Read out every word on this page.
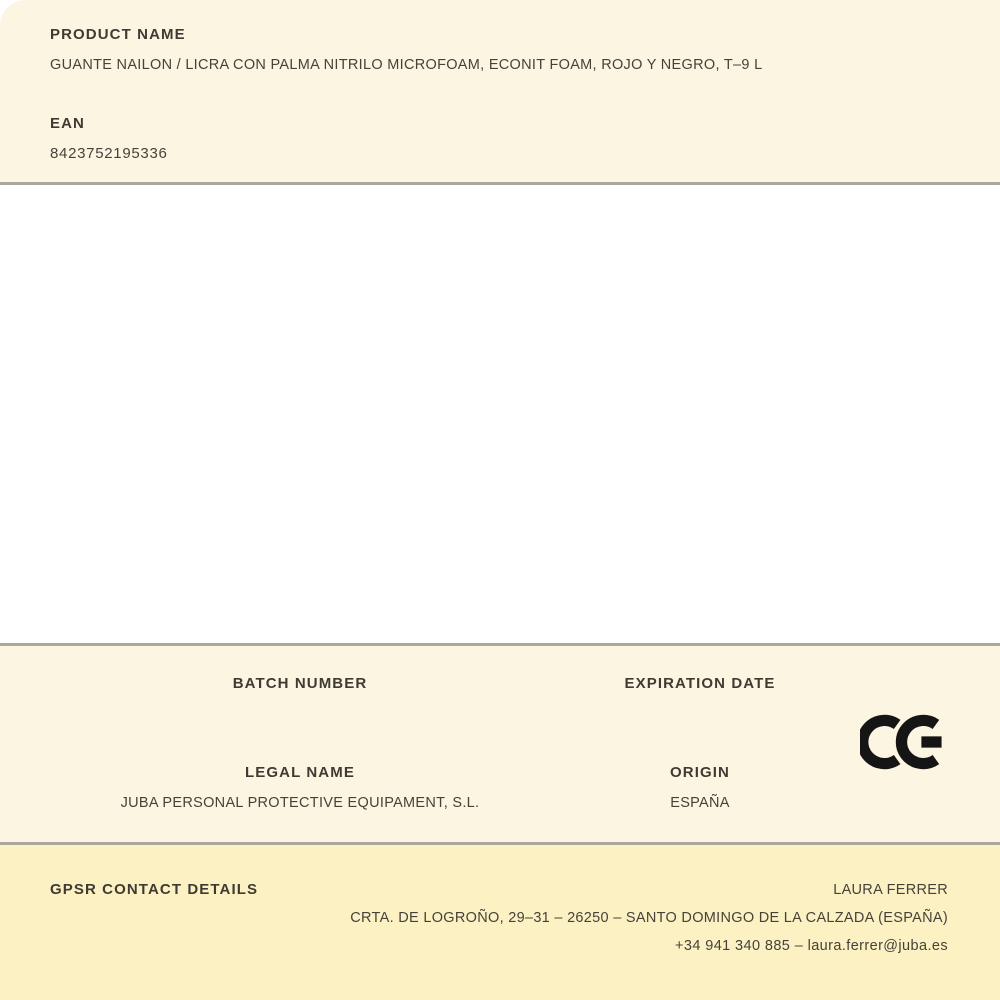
PRODUCT NAME
GUANTE NAILON / LICRA CON PALMA NITRILO MICROFOAM, ECONIT FOAM, ROJO Y NEGRO, T–9 L
EAN
8423752195336
BATCH NUMBER	EXPIRATION DATE
LEGAL NAME	ORIGIN
JUBA PERSONAL PROTECTIVE EQUIPAMENT, S.L.	ESPAÑA
GPSR CONTACT DETAILS	LAURA FERRER
CRTA. DE LOGROÑO, 29–31 – 26250 – SANTO DOMINGO DE LA CALZADA (ESPAÑA)
+34 941 340 885 – laura.ferrer@juba.es
